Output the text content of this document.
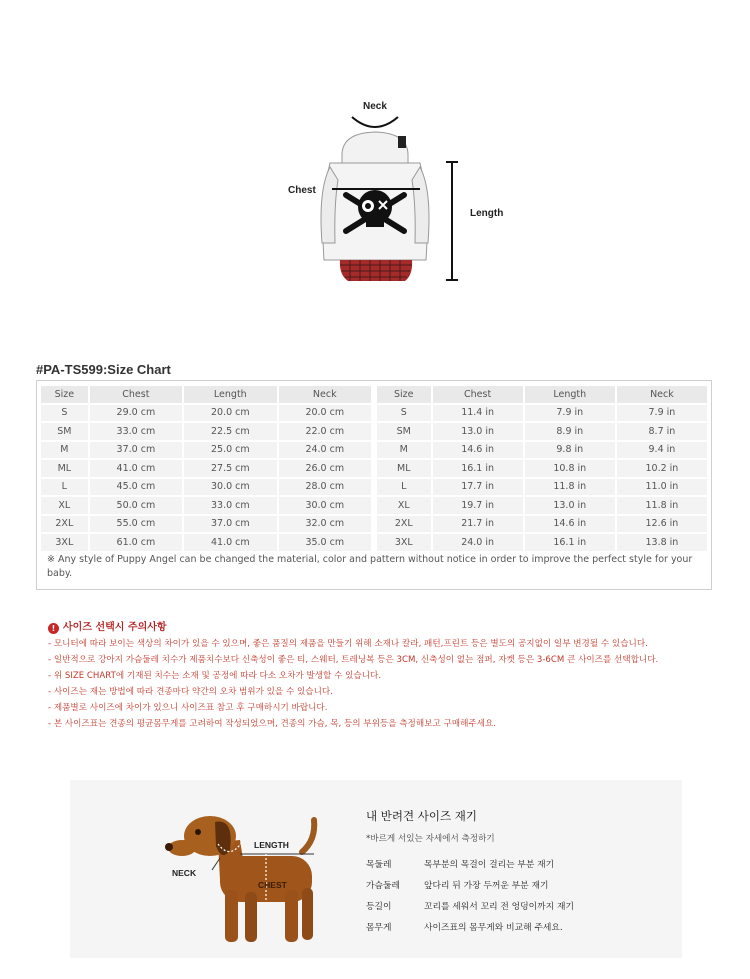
Neck
Chest
Length
#PA-TS599:Size Chart
Size	Chest	Length	Neck
S	29.0 cm	20.0 cm	20.0 cm
SM	33.0 cm	22.5 cm	22.0 cm
M	37.0 cm	25.0 cm	24.0 cm
ML	41.0 cm	27.5 cm	26.0 cm
L	45.0 cm	30.0 cm	28.0 cm
XL	50.0 cm	33.0 cm	30.0 cm
2XL	55.0 cm	37.0 cm	32.0 cm
3XL	61.0 cm	41.0 cm	35.0 cm
Size	Chest	Length	Neck
S	11.4 in	7.9 in	7.9 in
SM	13.0 in	8.9 in	8.7 in
M	14.6 in	9.8 in	9.4 in
ML	16.1 in	10.8 in	10.2 in
L	17.7 in	11.8 in	11.0 in
XL	19.7 in	13.0 in	11.8 in
2XL	21.7 in	14.6 in	12.6 in
3XL	24.0 in	16.1 in	13.8 in
※ Any style of Puppy Angel can be changed the material, color and pattern without notice in order to improve the perfect style for your baby.
! 사이즈 선택시 주의사항
- 모니터에 따라 보이는 색상의 차이가 있을 수 있으며, 좋은 품질의 제품을 만들기 위해 소재나 칼라, 패턴,프린트 등은 별도의 공지없이 일부 변경될 수 있습니다.
- 일반적으로 강아지 가슴둘레 치수가 제품치수보다 신축성이 좋은 티, 스웨터, 트레닝복 등은 3CM, 신축성이 없는 점퍼, 자켓 등은 3-6CM 큰 사이즈를 선택합니다.
- 위 SIZE CHART에 기재된 치수는 소재 및 공정에 따라 다소 오차가 발생할 수 있습니다.
- 사이즈는 재는 방법에 따라 견종마다 약간의 오차 범위가 있을 수 있습니다.
- 제품별로 사이즈에 차이가 있으니 사이즈표 참고 후 구매하시기 바랍니다.
- 본 사이즈표는 견종의 평균몸무게를 고려하여 작성되었으며, 견종의 가슴, 목, 등의 부위등을 측정해보고 구매해주세요.
LENGTH
NECK
CHEST
내 반려견 사이즈 재기
*바르게 서있는 자세에서 측정하기
목둘레	목부분의 목걸이 걸리는 부분 재기
가슴둘레	앞다리 뒤 가장 두꺼운 부분 재기
등길이	꼬리를 세워서 꼬리 전 엉덩이까지 재기
몸무게	사이즈표의 몸무게와 비교해 주세요.
